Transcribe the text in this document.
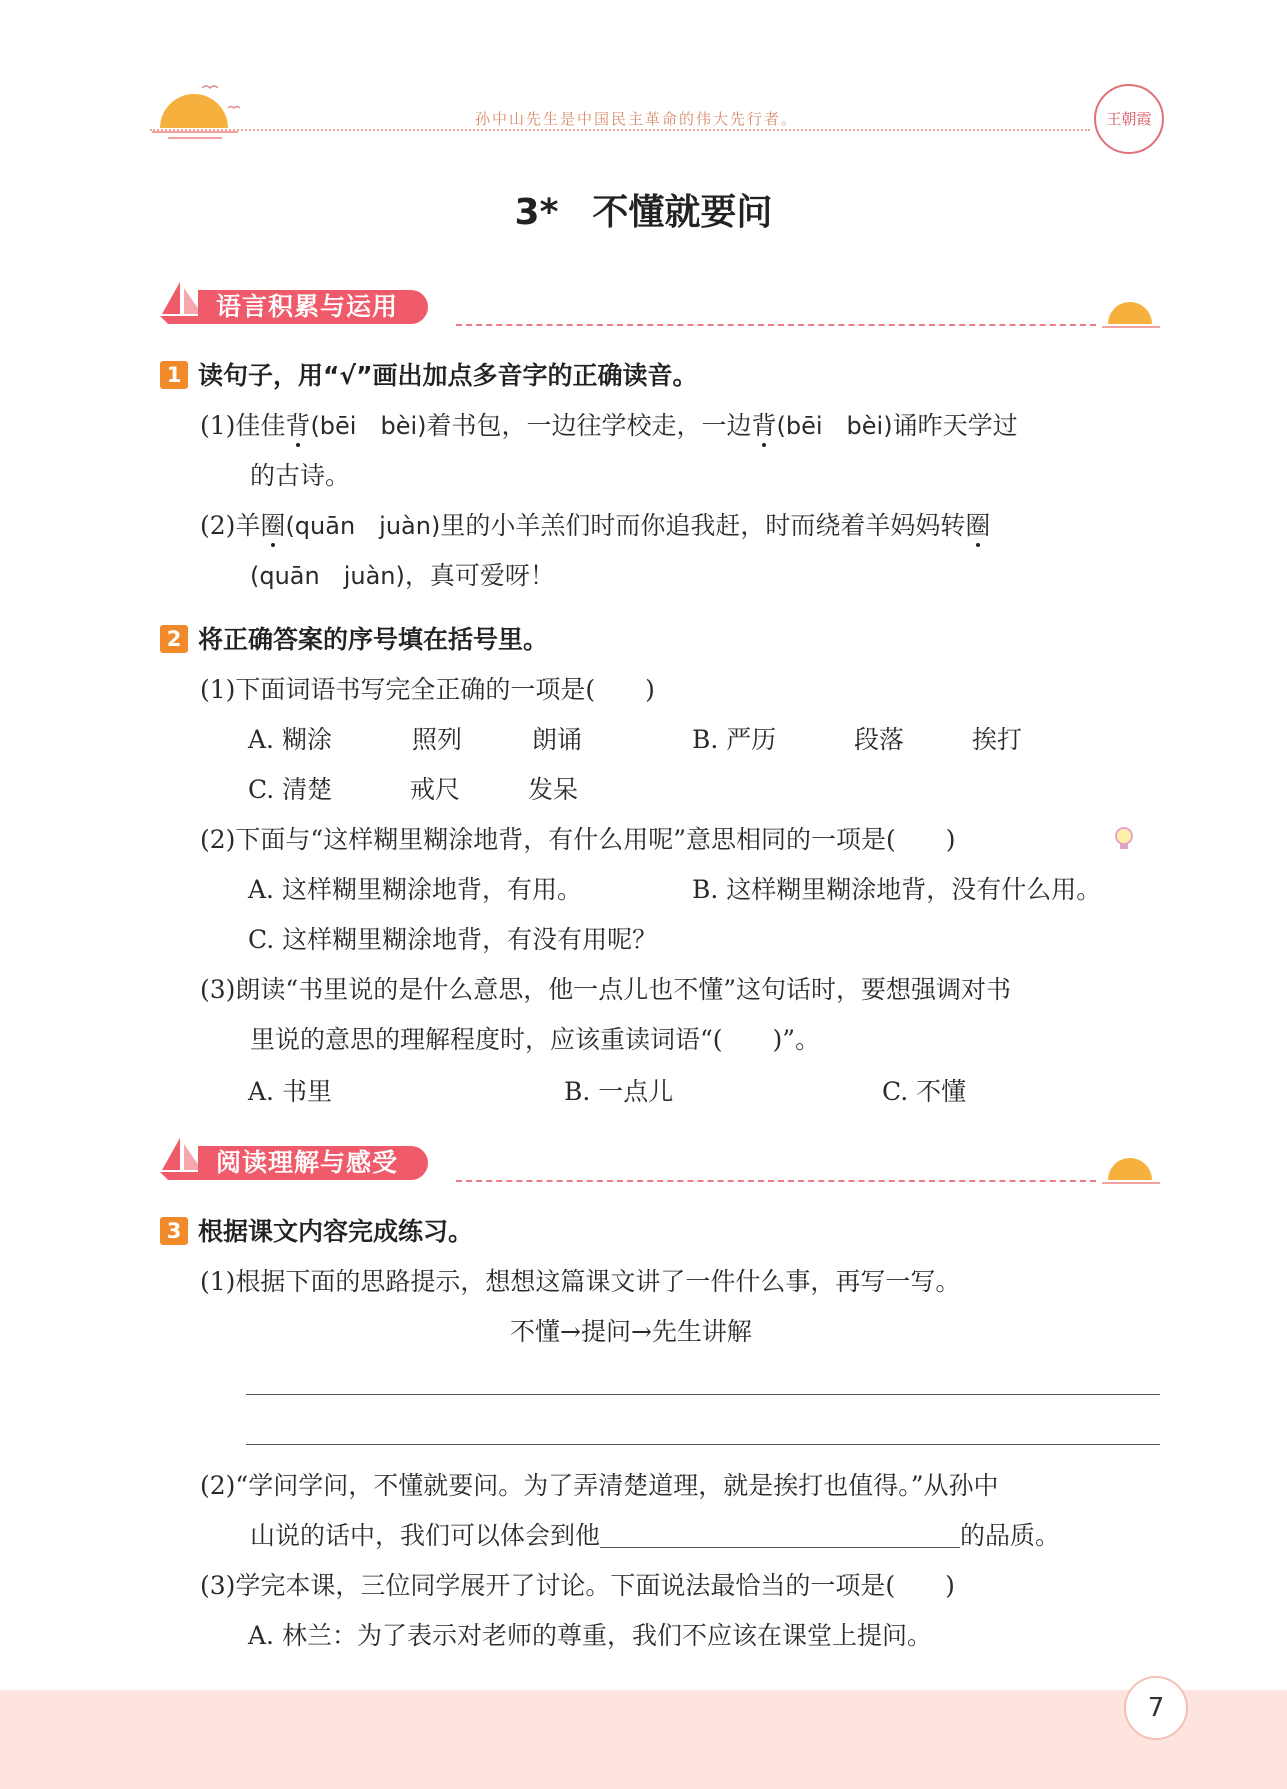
孙中山先生是中国民主革命的伟大先行者。	王朝霞
3* 不懂就要问
语言积累与运用
1 读句子，用“√”画出加点多音字的正确读音。
(1)佳佳背(bēi　bèi)着书包，一边往学校走，一边背(bēi　bèi)诵昨天学过
的古诗。
(2)羊圈(quān　juàn)里的小羊羔们时而你追我赶，时而绕着羊妈妈转圈
(quān　juàn)，真可爱呀！
2 将正确答案的序号填在括号里。
(1)下面词语书写完全正确的一项是(　　)
A. 糊涂	照列	朗诵	B. 严历	段落	挨打
C. 清楚	戒尺	发呆
(2)下面与“这样糊里糊涂地背，有什么用呢”意思相同的一项是(　　)
A. 这样糊里糊涂地背，有用。	B. 这样糊里糊涂地背，没有什么用。
C. 这样糊里糊涂地背，有没有用呢？
(3)朗读“书里说的是什么意思，他一点儿也不懂”这句话时，要想强调对书
里说的意思的理解程度时，应该重读词语“(　　)”。
A. 书里	B. 一点儿	C. 不懂
阅读理解与感受
3 根据课文内容完成练习。
(1)根据下面的思路提示，想想这篇课文讲了一件什么事，再写一写。
不懂→提问→先生讲解
(2)“学问学问，不懂就要问。为了弄清楚道理，就是挨打也值得。”从孙中
山说的话中，我们可以体会到他	的品质。
(3)学完本课，三位同学展开了讨论。下面说法最恰当的一项是(　　)
A. 林兰：为了表示对老师的尊重，我们不应该在课堂上提问。
7
